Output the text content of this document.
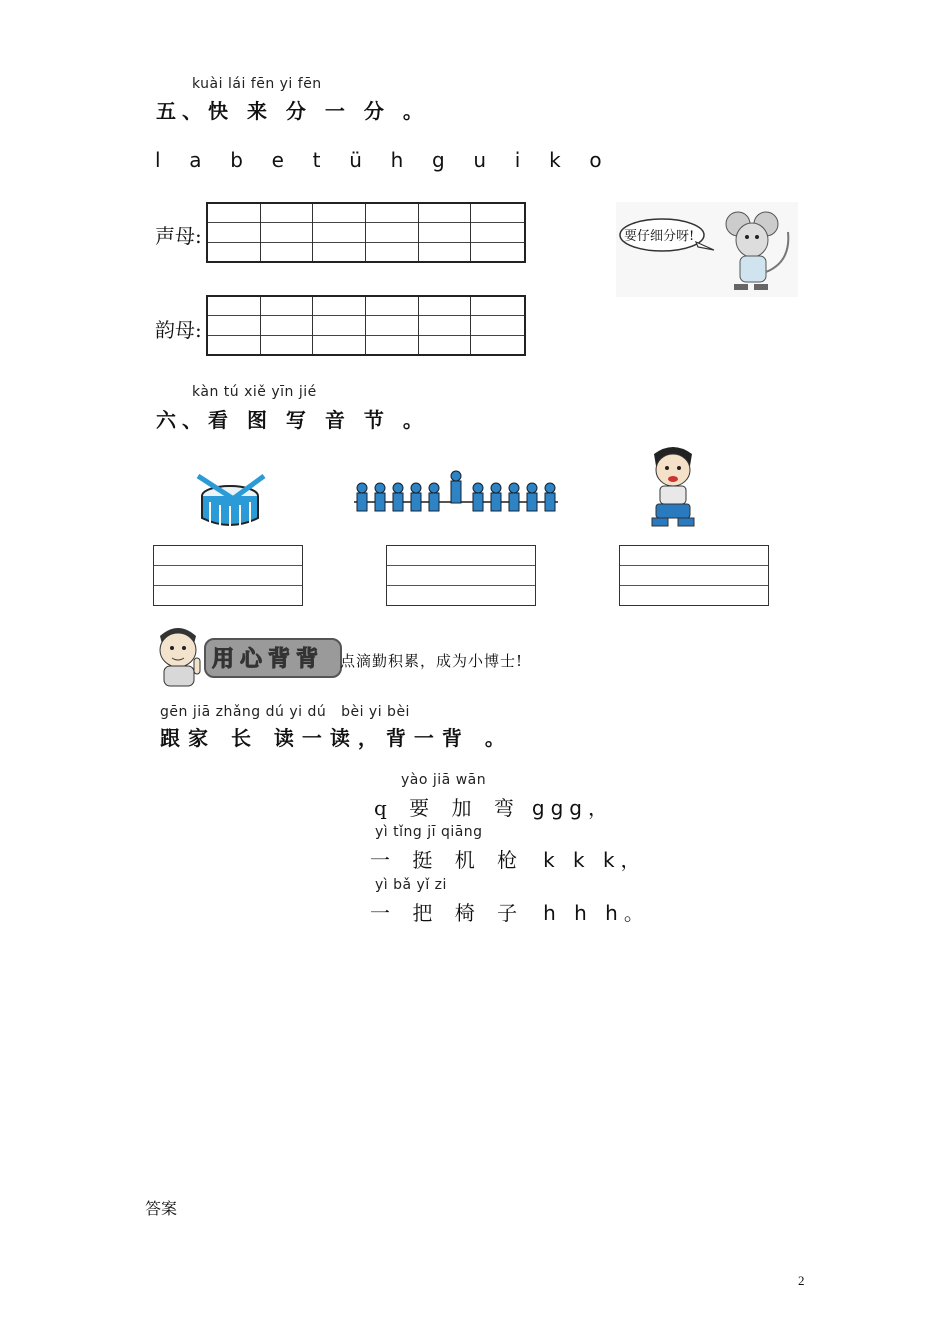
kuài lái fēn yi fēn
五、快 来 分 一 分 。
l  a  b  e  t  ü  h  g  u  i  k  o
声母:
韵母:
要仔细分呀!
kàn tú xiě yīn jié
六、看 图 写 音 节 。
用心背背 点滴勤积累，成为小博士!
gēn jiā zhǎng dú yi dú   bèi yi bèi
跟家 长 读一读，背一背 。
yào jiā wān
q 要 加 弯 ggg，
yì tǐng jī qiāng
一 挺 机 枪 k k k，
yì bǎ yǐ zi
一 把 椅 子 h h h。
答案
2
